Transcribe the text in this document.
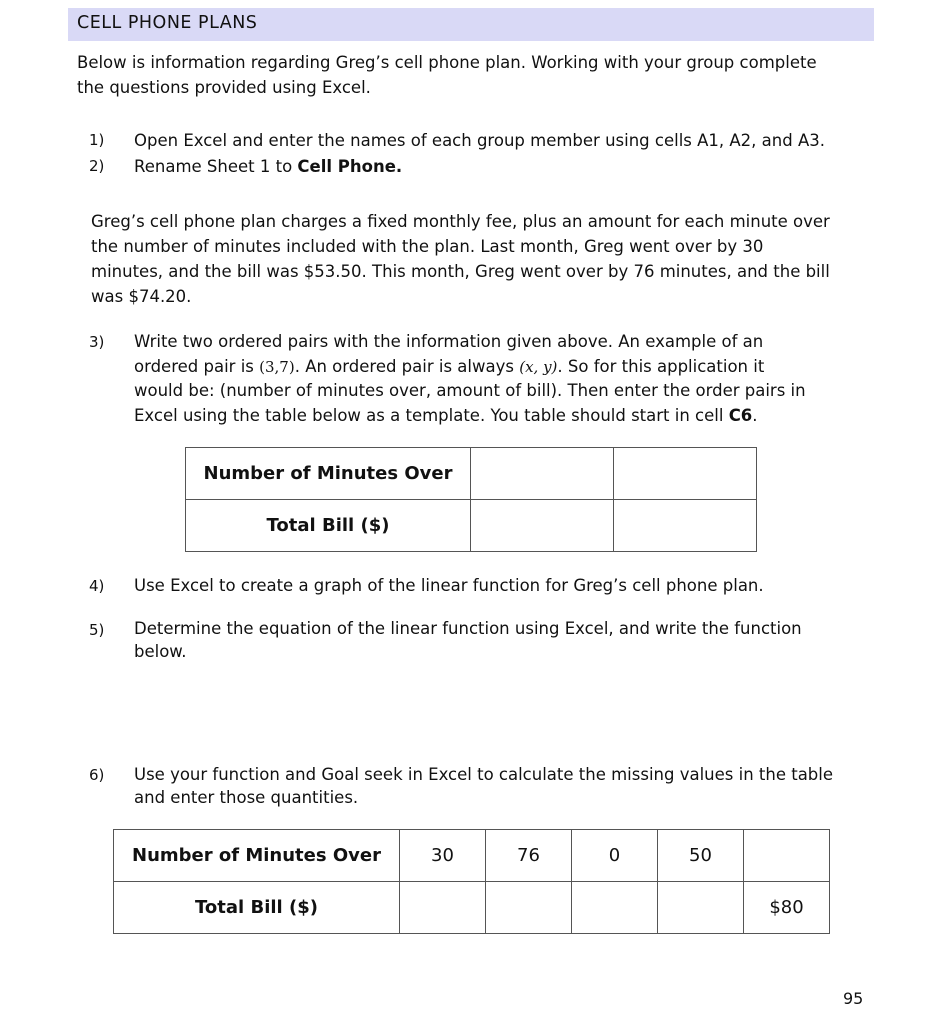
CELL PHONE PLANS
Below is information regarding Greg’s cell phone plan. Working with your group complete
the questions provided using Excel.
1) Open Excel and enter the names of each group member using cells A1, A2, and A3.
2) Rename Sheet 1 to Cell Phone.
Greg’s cell phone plan charges a fixed monthly fee, plus an amount for each minute over
the number of minutes included with the plan. Last month, Greg went over by 30
minutes, and the bill was $53.50. This month, Greg went over by 76 minutes, and the bill
was $74.20.
3) Write two ordered pairs with the information given above. An example of an
ordered pair is (3,7). An ordered pair is always (x, y). So for this application it
would be: (number of minutes over, amount of bill). Then enter the order pairs in
Excel using the table below as a template. You table should start in cell C6.
Number of Minutes Over		
Total Bill ($)		
4) Use Excel to create a graph of the linear function for Greg’s cell phone plan.
5) Determine the equation of the linear function using Excel, and write the function
below.
6) Use your function and Goal seek in Excel to calculate the missing values in the table
and enter those quantities.
Number of Minutes Over	30	76	0	50	
Total Bill ($)					$80
95
